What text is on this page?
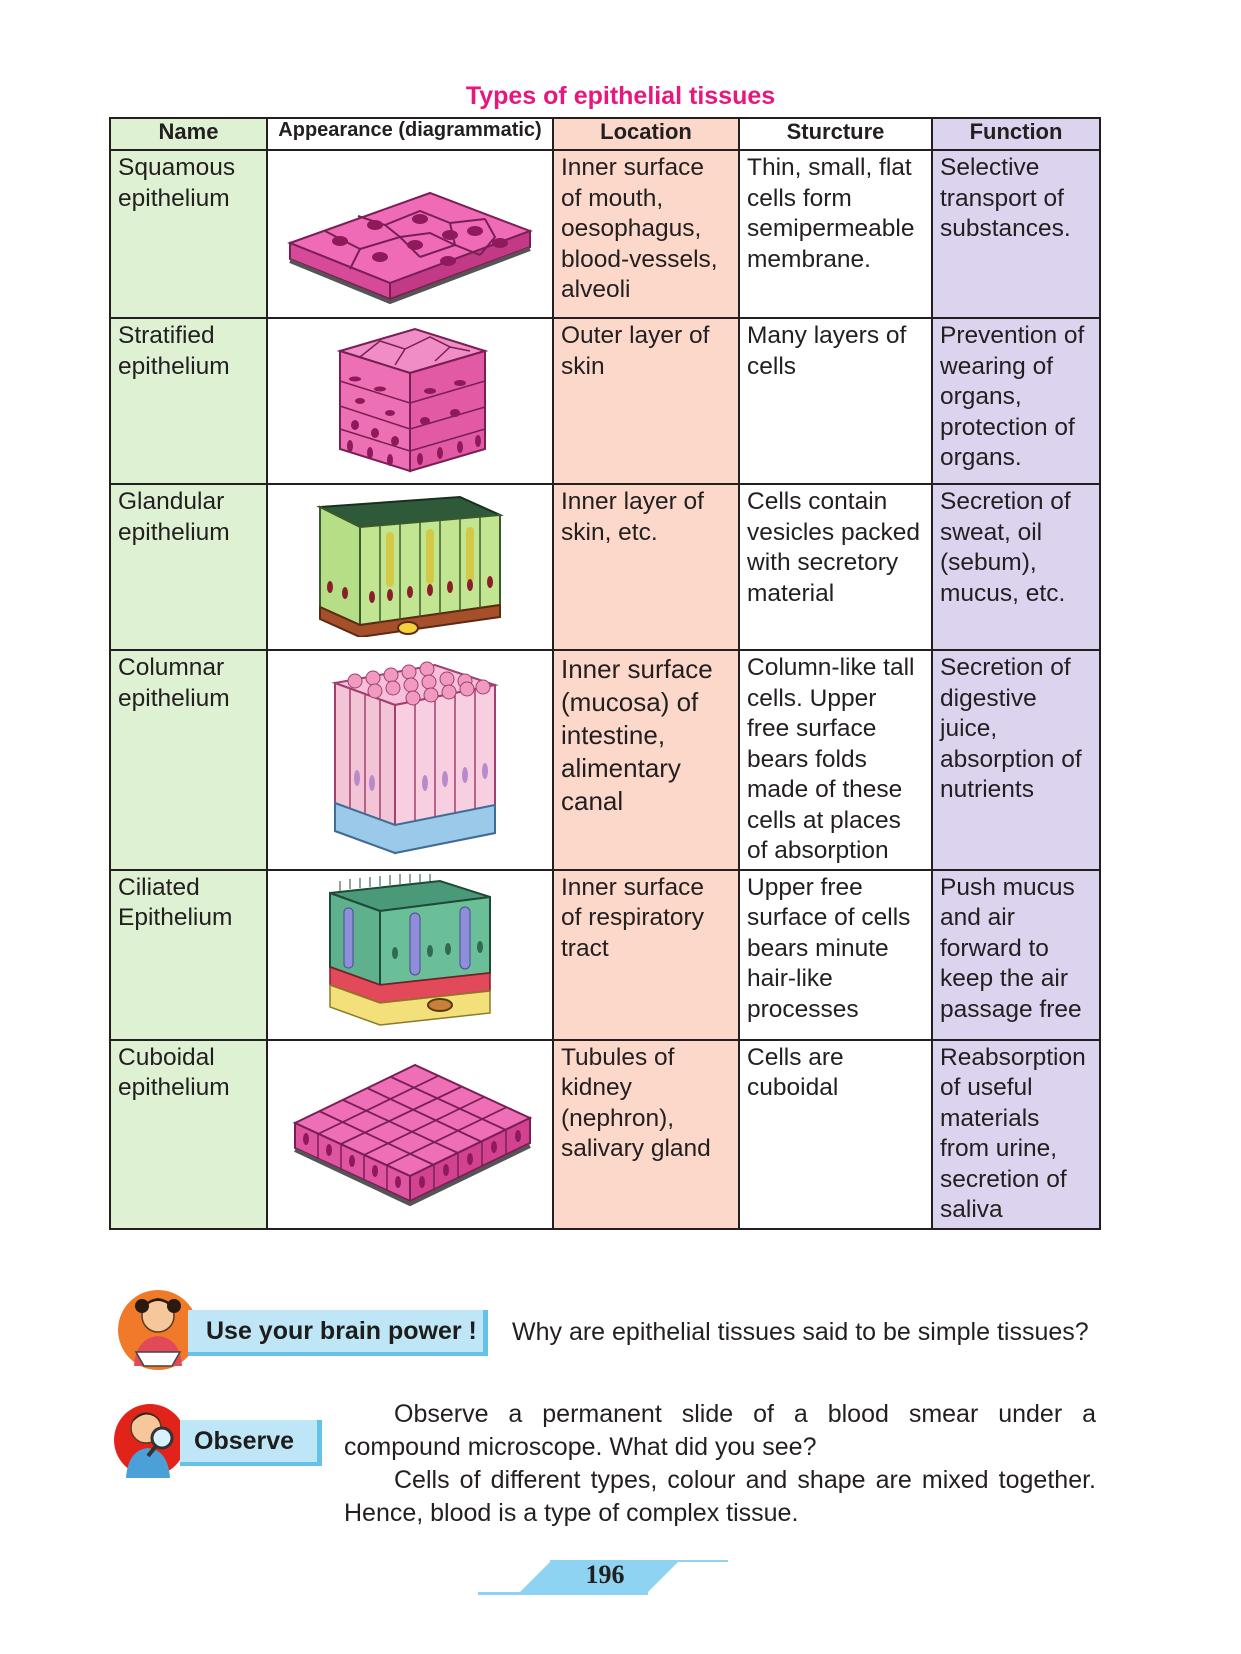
Types of epithelial tissues
Name	Appearance (diagrammatic)	Location	Sturcture	Function
Squamous epithelium		Inner surface of mouth, oesophagus, blood-vessels, alveoli	Thin, small, flat cells form semipermeable membrane.	Selective transport of substances.
Stratified epithelium		Outer layer of skin	Many layers of cells	Prevention of wearing of organs, protection of organs.
Glandular epithelium		Inner layer of skin, etc.	Cells contain vesicles packed with secretory material	Secretion of sweat, oil (sebum), mucus, etc.
Columnar epithelium		Inner surface (mucosa) of intestine, alimentary canal	Column-like tall cells. Upper free surface bears folds made of these cells at places of absorption	Secretion of digestive juice, absorption of nutrients
Ciliated Epithelium		Inner surface of respiratory tract	Upper free surface of cells bears minute hair-like processes	Push mucus and air forward to keep the air passage free
Cuboidal epithelium		Tubules of kidney (nephron), salivary gland	Cells are cuboidal	Reabsorption of useful materials from urine, secretion of saliva
Use your brain power !	Why are epithelial tissues said to be simple tissues?
Observe

Observe a permanent slide of a blood smear under a compound microscope. What did you see?

Cells of different types, colour and shape are mixed together. Hence, blood is a type of complex tissue.

196
